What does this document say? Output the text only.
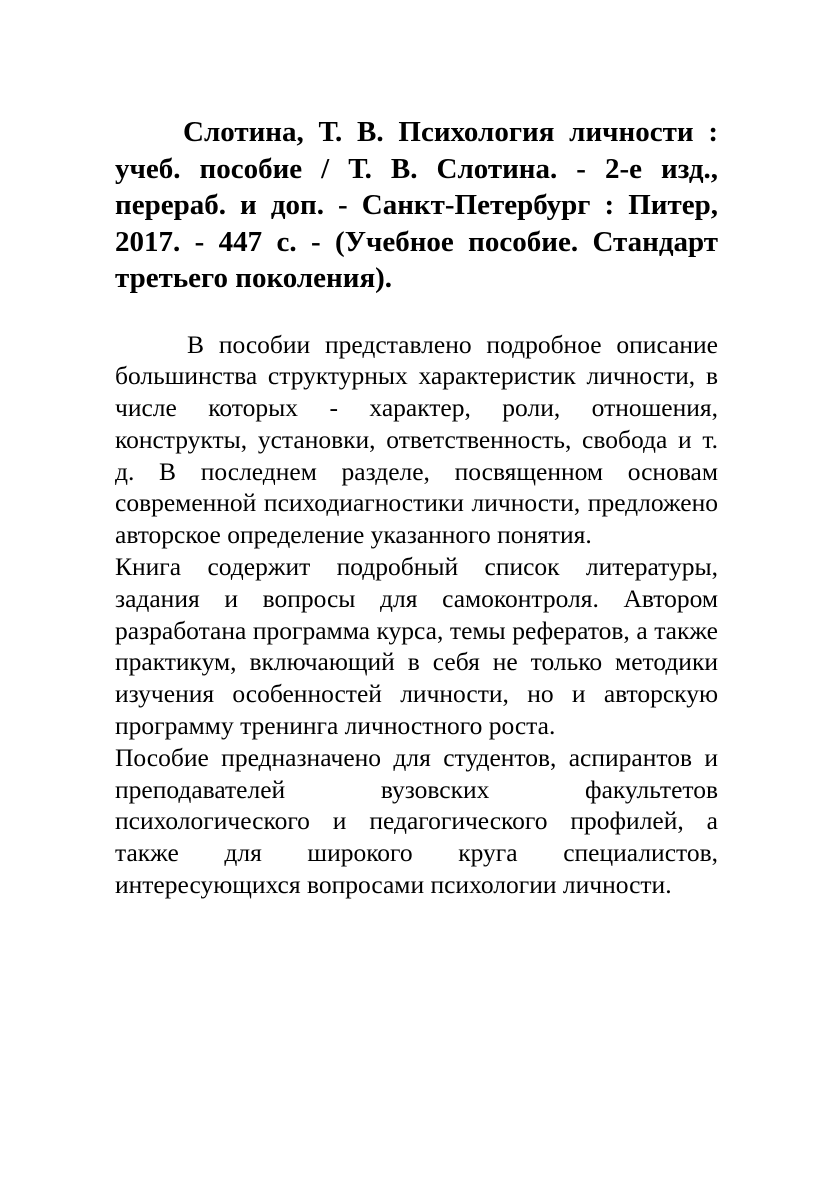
Слотина, Т. В. Психология личности : учеб. пособие / Т. В. Слотина. - 2-е изд., перераб. и доп. - Санкт-Петербург : Питер, 2017. - 447 с. - (Учебное пособие. Стандарт третьего поколения).

В пособии представлено подробное описание большинства структурных характеристик личности, в числе которых - характер, роли, отношения, конструкты, установки, ответственность, свобода и т. д. В последнем разделе, посвященном основам современной психодиагностики личности, предложено авторское определение указанного понятия.

Книга содержит подробный список литературы, задания и вопросы для самоконтроля. Автором разработана программа курса, темы рефератов, а также практикум, включающий в себя не только методики изучения особенностей личности, но и авторскую программу тренинга личностного роста.

Пособие предназначено для студентов, аспирантов и преподавателей вузовских факультетов психологического и педагогического профилей, а также для широкого круга специалистов, интересующихся вопросами психологии личности.
